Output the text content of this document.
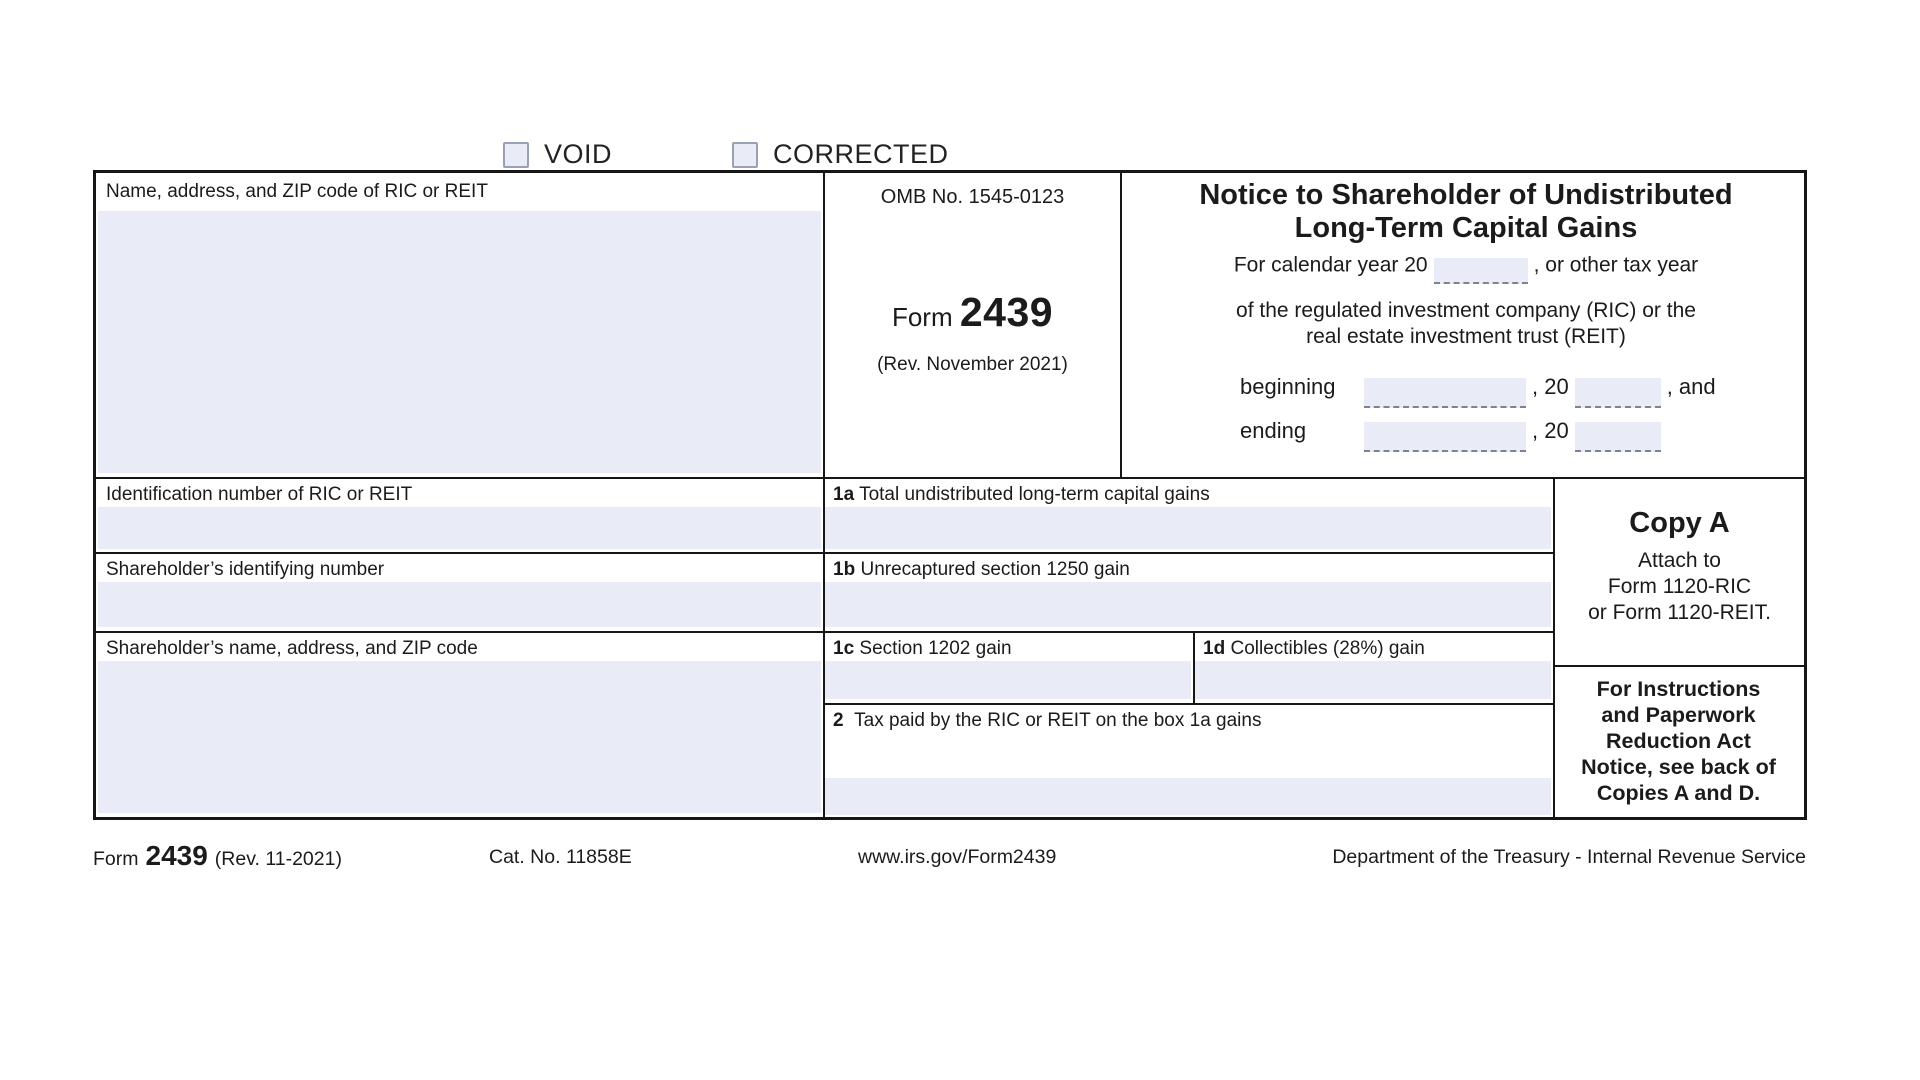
VOID	CORRECTED
Name, address, and ZIP code of RIC or REIT	OMB No. 1545-0123
Form 2439
(Rev. November 2021)
Notice to Shareholder of Undistributed
Long-Term Capital Gains
For calendar year 20	, or other tax year
of the regulated investment company (RIC) or the
real estate investment trust (REIT)
beginning	, 20	, and
ending	, 20
Identification number of RIC or REIT	1a Total undistributed long-term capital gains
Shareholder’s identifying number	1b Unrecaptured section 1250 gain
Shareholder’s name, address, and ZIP code	1c Section 1202 gain	1d Collectibles (28%) gain
2 Tax paid by the RIC or REIT on the box 1a gains
Copy A
Attach to
Form 1120-RIC
or Form 1120-REIT.
For Instructions
and Paperwork
Reduction Act
Notice, see back of
Copies A and D.
Form 2439 (Rev. 11-2021)	Cat. No. 11858E	www.irs.gov/Form2439	Department of the Treasury - Internal Revenue Service
